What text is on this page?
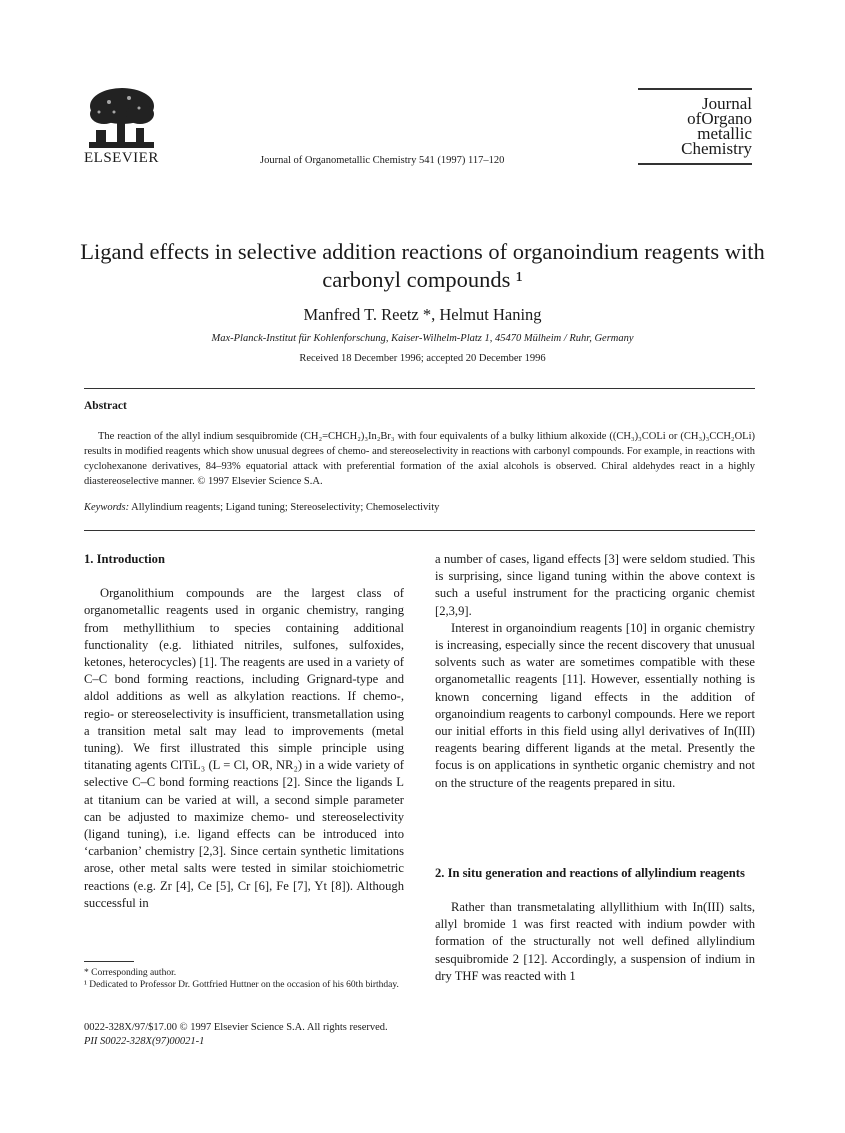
ELSEVIER	Journal of Organometallic Chemistry 541 (1997) 117–120
Journal
ofOrgano
metallic
Chemistry
Ligand effects in selective addition reactions of organoindium reagents with carbonyl compounds ¹
Manfred T. Reetz *, Helmut Haning
Max-Planck-Institut für Kohlenforschung, Kaiser-Wilhelm-Platz 1, 45470 Mülheim / Ruhr, Germany
Received 18 December 1996; accepted 20 December 1996
Abstract

The reaction of the allyl indium sesquibromide (CH₂=CHCH₂)₃In₂Br₃ with four equivalents of a bulky lithium alkoxide ((CH₃)₃COLi or (CH₃)₃CCH₂OLi) results in modified reagents which show unusual degrees of chemo- and stereoselectivity in reactions with carbonyl compounds. For example, in reactions with cyclohexanone derivatives, 84–93% equatorial attack with preferential formation of the axial alcohols is observed. Chiral aldehydes react in a highly diastereoselective manner. © 1997 Elsevier Science S.A.

Keywords: Allylindium reagents; Ligand tuning; Stereoselectivity; Chemoselectivity
1. Introduction

Organolithium compounds are the largest class of organometallic reagents used in organic chemistry, ranging from methyllithium to species containing additional functionality (e.g. lithiated nitriles, sulfones, sulfoxides, ketones, heterocycles) [1]. The reagents are used in a variety of C–C bond forming reactions, including Grignard-type and aldol additions as well as alkylation reactions. If chemo-, regio- or stereoselectivity is insufficient, transmetallation using a transition metal salt may lead to improvements (metal tuning). We first illustrated this simple principle using titanating agents ClTiL₃ (L = Cl, OR, NR₂) in a wide variety of selective C–C bond forming reactions [2]. Since the ligands L at titanium can be varied at will, a second simple parameter can be adjusted to maximize chemo- und stereoselectivity (ligand tuning), i.e. ligand effects can be introduced into ‘carbanion’ chemistry [2,3]. Since certain synthetic limitations arose, other metal salts were tested in similar stoichiometric reactions (e.g. Zr [4], Ce [5], Cr [6], Fe [7], Yt [8]). Although successful in

a number of cases, ligand effects [3] were seldom studied. This is surprising, since ligand tuning within the above context is such a useful instrument for the practicing organic chemist [2,3,9].

Interest in organoindium reagents [10] in organic chemistry is increasing, especially since the recent discovery that unusual solvents such as water are sometimes compatible with these organometallic reagents [11]. However, essentially nothing is known concerning ligand effects in the addition of organoindium reagents to carbonyl compounds. Here we report our initial efforts in this field using allyl derivatives of In(III) reagents bearing different ligands at the metal. Presently the focus is on applications in synthetic organic chemistry and not on the structure of the reagents prepared in situ.

2. In situ generation and reactions of allylindium reagents

Rather than transmetalating allyllithium with In(III) salts, allyl bromide 1 was first reacted with indium powder with formation of the structurally not well defined allylindium sesquibromide 2 [12]. Accordingly, a suspension of indium in dry THF was reacted with 1

* Corresponding author.
¹ Dedicated to Professor Dr. Gottfried Huttner on the occasion of his 60th birthday.
0022-328X/97/$17.00 © 1997 Elsevier Science S.A. All rights reserved.
PII S0022-328X(97)00021-1
